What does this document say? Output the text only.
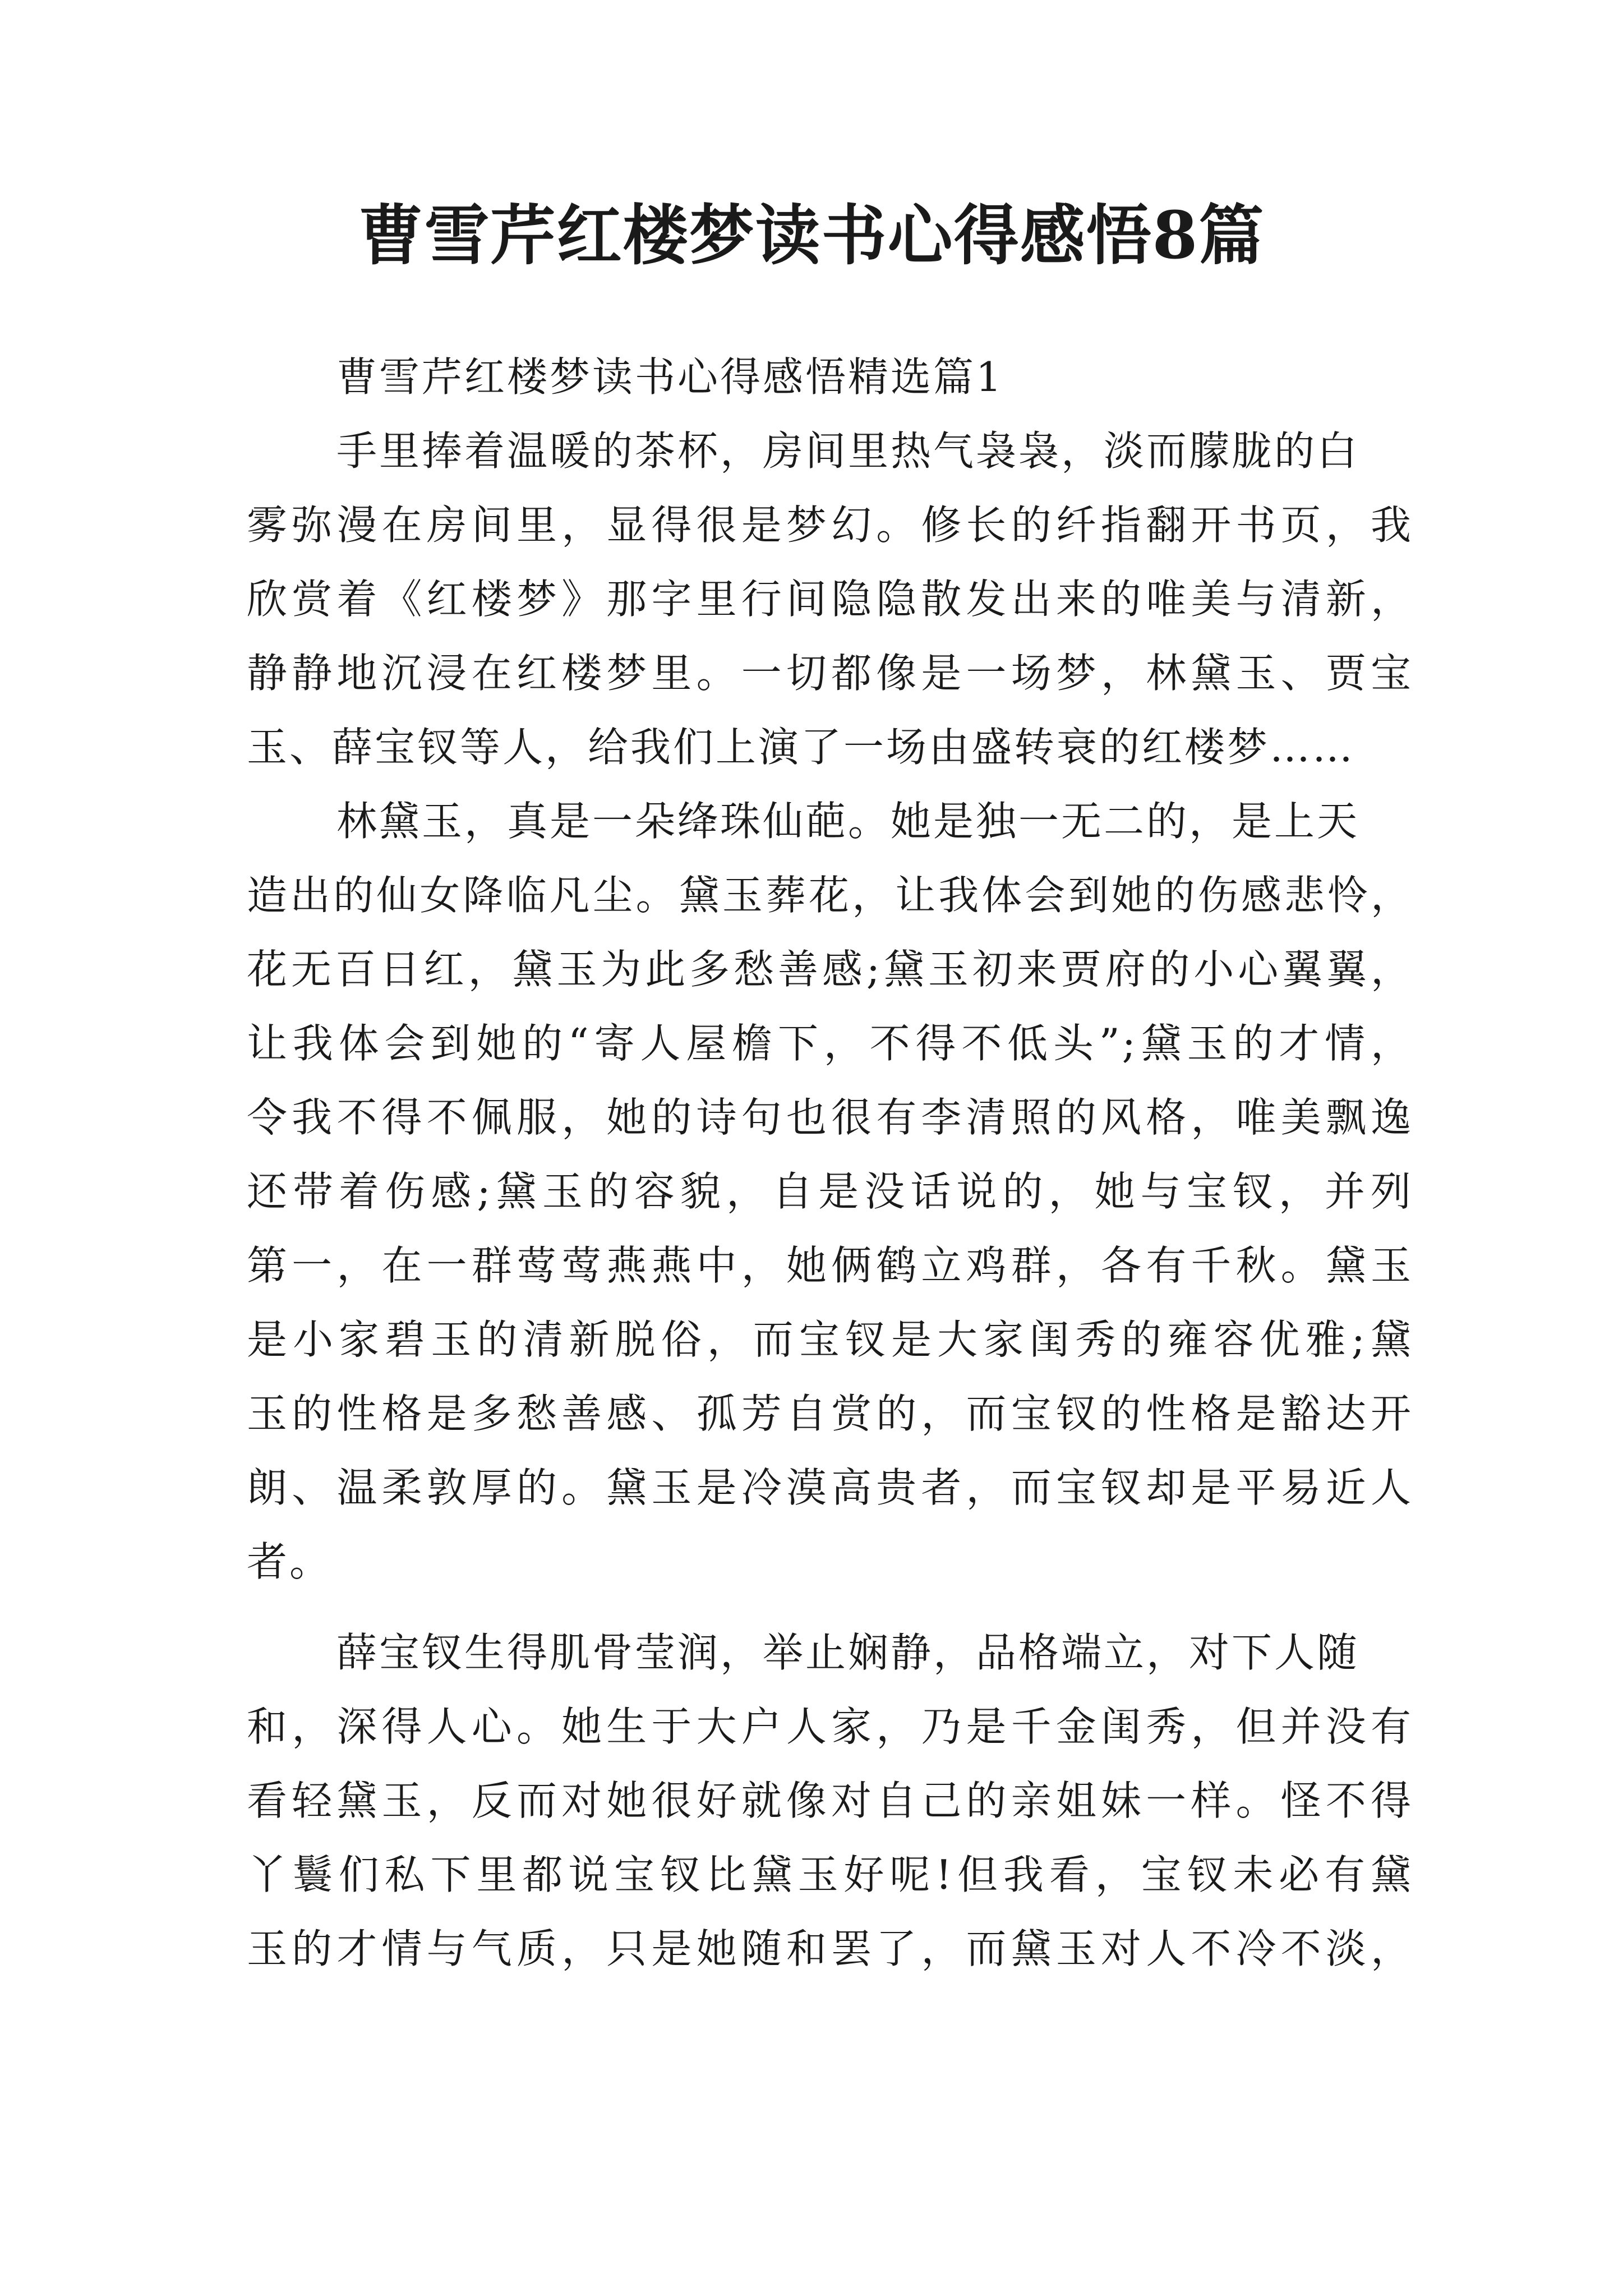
曹雪芹红楼梦读书心得感悟8篇
曹雪芹红楼梦读书心得感悟精选篇1
手里捧着温暖的茶杯，房间里热气袅袅，淡而朦胧的白
雾弥漫在房间里，显得很是梦幻。修长的纤指翻开书页，我
欣赏着《红楼梦》那字里行间隐隐散发出来的唯美与清新，
静静地沉浸在红楼梦里。一切都像是一场梦，林黛玉、贾宝
玉、薛宝钗等人，给我们上演了一场由盛转衰的红楼梦……
林黛玉，真是一朵绛珠仙葩。她是独一无二的，是上天
造出的仙女降临凡尘。黛玉葬花，让我体会到她的伤感悲怜，
花无百日红，黛玉为此多愁善感;黛玉初来贾府的小心翼翼，
让我体会到她的“寄人屋檐下，不得不低头”;黛玉的才情，
令我不得不佩服，她的诗句也很有李清照的风格，唯美飘逸
还带着伤感;黛玉的容貌，自是没话说的，她与宝钗，并列
第一，在一群莺莺燕燕中，她俩鹤立鸡群，各有千秋。黛玉
是小家碧玉的清新脱俗，而宝钗是大家闺秀的雍容优雅;黛
玉的性格是多愁善感、孤芳自赏的，而宝钗的性格是豁达开
朗、温柔敦厚的。黛玉是冷漠高贵者，而宝钗却是平易近人
者。
薛宝钗生得肌骨莹润，举止娴静，品格端立，对下人随
和，深得人心。她生于大户人家，乃是千金闺秀，但并没有
看轻黛玉，反而对她很好就像对自己的亲姐妹一样。怪不得
丫鬟们私下里都说宝钗比黛玉好呢!但我看，宝钗未必有黛
玉的才情与气质，只是她随和罢了，而黛玉对人不冷不淡，
